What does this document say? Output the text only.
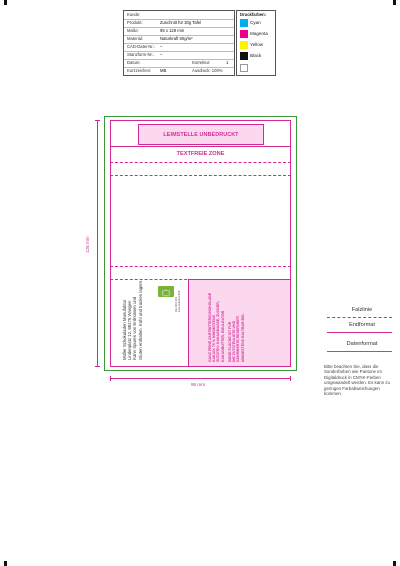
Kunde:
Produkt:	Zuschnitt für 30g Tafel
Maße:	95 x 128 mm
Material:	Naturkraft 90g/m²
CAD-Datei-Nr.: –
Stanzform-Nr.: –
Datum:	Korrektur:	1
Kurzzeichen: MB	Ausdruck: 100%
Druckfarben:
Cyan
Magenta
Yellow
Black
LEIMSTELLE UNBEDRUCKT
TEXTFREIE ZONE
Müller Schokoladen Manufaktur Lindenplatz 12, 88175 Wangen Kann Spuren von Erdnüssen und Gluten enthalten. Kühl und trocken lagern.	DE-ÖKO-001 EU-Landwirtschaft	GANZ FEINE ZARTBITTERSCHOKOLADE KAKAO: 70 % MINDESTENS ZUTATEN: KAKAOMASSE, ZUCKER, KAKAOBUTTER, EMULGATOR DIESE FLÄCHE IST FÜR DIE ZUTATENLISTE UND NÄHRWERTE RESERVIERT. MINDESTENS HALTBAR BIS:
95 mm
128 mm
Falzlinie
Endformat
Datenformat
Bitte beachten Sie, dass die Sonderfarben wie Pantone im Digitaldruck in CMYK-Farben umgewandelt werden. Es kann zu geringen Farbabweichungen kommen.
